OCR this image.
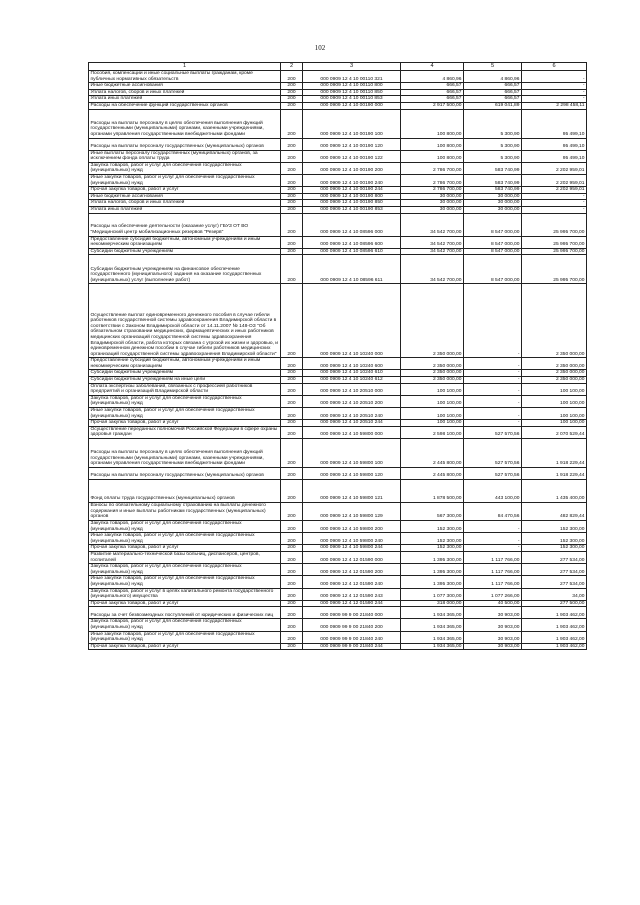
102
1	2	3	4	5	6
Пособия, компенсации и иные социальные выплаты гражданам, кроме публичных нормативных обязательств	200	000 0909 12 4 10 00110 321	4 860,96	4 860,96	-
Иные бюджетные ассигнования	200	000 0909 12 4 10 00110 800	666,57	666,57	-
Уплата налогов, сборов и иных платежей	200	000 0909 12 4 10 00110 850	666,57	666,57	-
Уплата иных платежей	200	000 0909 12 4 10 00110 853	666,57	666,57	-
Расходы на обеспечение функций государственных органов	200	000 0909 12 4 10 00190 000	2 917 500,00	619 041,89	2 298 458,11
Расходы на выплаты персоналу в целях обеспечения выполнения функций государственными (муниципальными) органами, казенными учреждениями, органами управления государственными внебюджетными фондами	200	000 0909 12 4 10 00190 100	100 800,00	5 300,90	95 499,10
Расходы на выплаты персоналу государственных (муниципальных) органов	200	000 0909 12 4 10 00190 120	100 800,00	5 300,90	95 499,10
Иные выплаты персоналу государственных (муниципальных) органов, за исключением фонда оплаты труда	200	000 0909 12 4 10 00190 122	100 800,00	5 300,90	95 499,10
Закупка товаров, работ и услуг для обеспечения государственных (муниципальных) нужд	200	000 0909 12 4 10 00190 200	2 786 700,00	583 740,99	2 202 959,01
Иные закупки товаров, работ и услуг для обеспечения государственных (муниципальных) нужд	200	000 0909 12 4 10 00190 240	2 786 700,00	583 740,99	2 202 959,01
Прочая закупка товаров, работ и услуг	200	000 0909 12 4 10 00190 244	2 786 700,00	583 740,99	2 202 959,01
Иные бюджетные ассигнования	200	000 0909 12 4 10 00190 800	30 000,00	30 000,00	-
Уплата налогов, сборов и иных платежей	200	000 0909 12 4 10 00190 850	30 000,00	30 000,00	-
Уплата иных платежей	200	000 0909 12 4 10 00190 853	30 000,00	30 000,00	-
Расходы на обеспечение деятельности (оказание услуг) ГБУЗ ОТ ВО "Медицинский центр мобилизационных резервов "Резерв"	200	000 0909 12 4 10 08596 000	34 542 700,00	8 547 000,00	25 995 700,00
Предоставление субсидий бюджетным, автономным учреждениям и иным некоммерческим организациям	200	000 0909 12 4 10 08596 600	34 542 700,00	8 547 000,00	25 995 700,00
Субсидии бюджетным учреждениям	200	000 0909 12 4 10 08596 610	34 542 700,00	8 547 000,00	25 995 700,00
Субсидии бюджетным учреждениям на финансовое обеспечение государственного (муниципального) задания на оказание государственных (муниципальных) услуг (выполнение работ)	200	000 0909 12 4 10 08596 611	34 542 700,00	8 547 000,00	25 995 700,00
Осуществление выплат единовременного денежного пособия в случае гибели работников государственной системы здравоохранения Владимирской области в соответствии с Законом Владимирской области от 14.11.2007 № 148-ОЗ "Об обязательном страховании медицинских, фармацевтических и иных работников медицинских организаций государственной системы здравоохранения Владимирской области, работа которых связана с угрозой их жизни и здоровью, и единовременном денежном пособии в случае гибели работников медицинских организаций государственной системы здравоохранения Владимирской области"	200	000 0909 12 4 10 10240 000	2 350 000,00	-	2 350 000,00
Предоставление субсидий бюджетным, автономным учреждениям и иным некоммерческим организациям	200	000 0909 12 4 10 10240 600	2 350 000,00	-	2 350 000,00
Субсидии бюджетным учреждениям	200	000 0909 12 4 10 10240 610	2 350 000,00	-	2 350 000,00
Субсидии бюджетным учреждениям на иные цели	200	000 0909 12 4 10 10240 612	2 350 000,00	-	2 350 000,00
Оплата экспертизы заболеваний, связанных с профессией работников предприятий и организаций Владимирской области	200	000 0909 12 4 10 20510 000	100 100,00	-	100 100,00
Закупка товаров, работ и услуг для обеспечения государственных (муниципальных) нужд	200	000 0909 12 4 10 20510 200	100 100,00	-	100 100,00
Иные закупки товаров, работ и услуг для обеспечения государственных (муниципальных) нужд	200	000 0909 12 4 10 20510 240	100 100,00	-	100 100,00
Прочая закупка товаров, работ и услуг	200	000 0909 12 4 10 20510 244	100 100,00	-	100 100,00
Осуществление переданных полномочий Российской Федерации в сфере охраны здоровья граждан	200	000 0909 12 4 10 59800 000	2 598 100,00	527 570,56	2 070 529,44
Расходы на выплаты персоналу в целях обеспечения выполнения функций государственными (муниципальными) органами, казенными учреждениями, органами управления государственными внебюджетными фондами	200	000 0909 12 4 10 59800 100	2 445 800,00	527 570,56	1 918 229,44
Расходы на выплаты персоналу государственных (муниципальных) органов	200	000 0909 12 4 10 59800 120	2 445 800,00	527 570,56	1 918 229,44
Фонд оплаты труда государственных (муниципальных) органов	200	000 0909 12 4 10 59800 121	1 878 500,00	443 100,00	1 435 400,00
Взносы по обязательному социальному страхованию на выплаты денежного содержания и иные выплаты работникам государственных (муниципальных) органов	200	000 0909 12 4 10 59800 129	567 300,00	84 470,56	482 829,44
Закупка товаров, работ и услуг для обеспечения государственных (муниципальных) нужд	200	000 0909 12 4 10 59800 200	152 300,00	-	152 300,00
Иные закупки товаров, работ и услуг для обеспечения государственных (муниципальных) нужд	200	000 0909 12 4 10 59800 240	152 300,00	-	152 300,00
Прочая закупка товаров, работ и услуг	200	000 0909 12 4 10 59800 244	152 300,00	-	152 300,00
Развитие материально-технической базы больниц, диспансеров, центров, госпиталей	200	000 0909 12 4 12 01590 000	1 395 300,00	1 117 766,00	277 534,00
Закупка товаров, работ и услуг для обеспечения государственных (муниципальных) нужд	200	000 0909 12 4 12 01590 200	1 395 300,00	1 117 766,00	277 534,00
Иные закупки товаров, работ и услуг для обеспечения государственных (муниципальных) нужд	200	000 0909 12 4 12 01590 240	1 395 300,00	1 117 766,00	277 534,00
Закупка товаров, работ и услуг в целях капитального ремонта государственного (муниципального) имущества	200	000 0909 12 4 12 01590 243	1 077 300,00	1 077 266,00	34,00
Прочая закупка товаров, работ и услуг	200	000 0909 12 4 12 01590 244	318 000,00	40 500,00	277 500,00
Расходы за счет безвозмездных поступлений от юридических и физических лиц	200	000 0909 99 9 00 21840 000	1 934 365,00	30 903,00	1 903 462,00
Закупка товаров, работ и услуг для обеспечения государственных (муниципальных) нужд	200	000 0909 99 9 00 21840 200	1 934 365,00	30 903,00	1 903 462,00
Иные закупки товаров, работ и услуг для обеспечения государственных (муниципальных) нужд	200	000 0909 99 9 00 21840 240	1 934 365,00	30 903,00	1 903 462,00
Прочая закупка товаров, работ и услуг	200	000 0909 99 9 00 21840 244	1 934 365,00	30 903,00	1 903 462,00
